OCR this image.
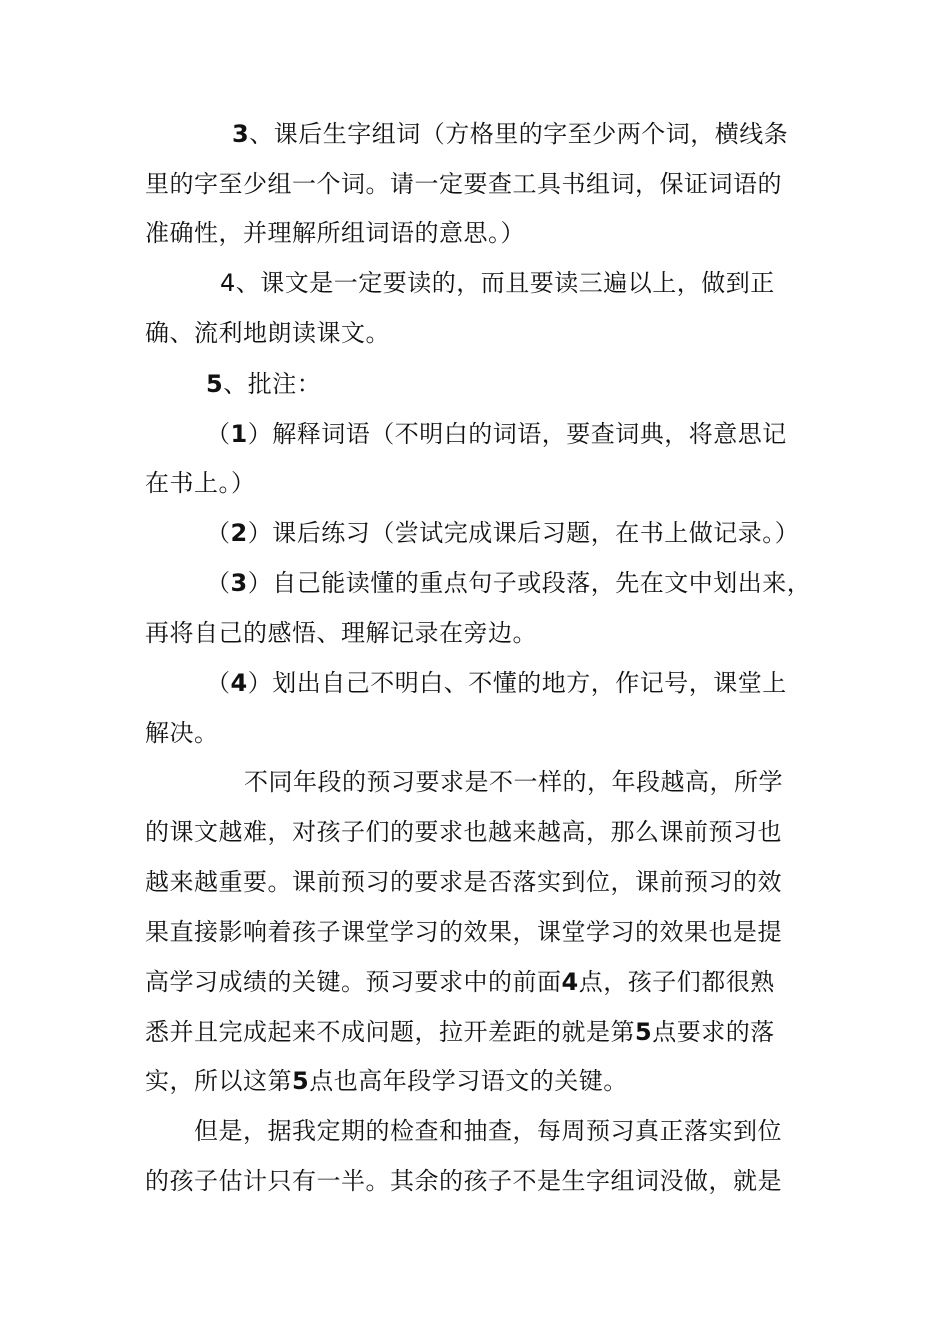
3、课后生字组词（方格里的字至少两个词，横线条
里的字至少组一个词。请一定要查工具书组词，保证词语的
准确性，并理解所组词语的意思。）
4、课文是一定要读的，而且要读三遍以上，做到正
确、流利地朗读课文。
5、批注：
（1）解释词语（不明白的词语，要查词典，将意思记
在书上。）
（2）课后练习（尝试完成课后习题，在书上做记录。）
（3）自己能读懂的重点句子或段落，先在文中划出来，
再将自己的感悟、理解记录在旁边。
（4）划出自己不明白、不懂的地方，作记号，课堂上
解决。
不同年段的预习要求是不一样的，年段越高，所学
的课文越难，对孩子们的要求也越来越高，那么课前预习也
越来越重要。课前预习的要求是否落实到位，课前预习的效
果直接影响着孩子课堂学习的效果，课堂学习的效果也是提
高学习成绩的关键。预习要求中的前面4点，孩子们都很熟
悉并且完成起来不成问题，拉开差距的就是第5点要求的落
实，所以这第5点也高年段学习语文的关键。
但是，据我定期的检查和抽查，每周预习真正落实到位
的孩子估计只有一半。其余的孩子不是生字组词没做，就是
